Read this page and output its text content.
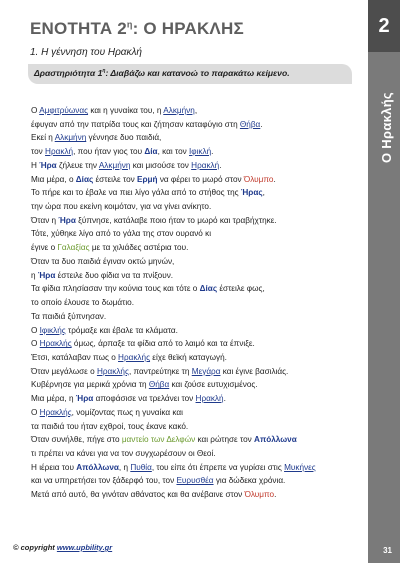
2
Ο Ηρακλής
31
ΕΝΟΤΗΤΑ $2^\eta$: Ο ΗΡΑΚΛΗΣ
1. Η γέννηση του Ηρακλή
Δραστηριότητα $1^\eta$: Διαβάζω και κατανοώ το παρακάτω κείμενο.
Ο Αμφιτρύωνας και η γυναίκα του, η Αλκμήνη,
έφυγαν από την πατρίδα τους και ζήτησαν καταφύγιο στη Θήβα.
Εκεί η Αλκμήνη γέννησε δυο παιδιά,
τον Ηρακλή, που ήταν γιος του Δία, και τον Ιφικλή.
Η Ήρα ζήλευε την Αλκμήνη και μισούσε τον Ηρακλή.
Μια μέρα, ο Δίας έστειλε τον Ερμή να φέρει το μωρό στον Όλυμπο.
Το πήρε και το έβαλε να πιει λίγο γάλα από το στήθος της Ήρας,
την ώρα που εκείνη κοιμόταν, για να γίνει ανίκητο.
Όταν η Ήρα ξύπνησε, κατάλαβε ποιο ήταν το μωρό και τραβήχτηκε.
Τότε, χύθηκε λίγο από το γάλα της στον ουρανό κι
έγινε ο Γαλαξίας με τα χιλιάδες αστέρια του.
Όταν τα δυο παιδιά έγιναν οκτώ μηνών,
η Ήρα έστειλε δυο φίδια να τα πνίξουν.
Τα φίδια πλησίασαν την κούνια τους και τότε ο Δίας έστειλε φως,
το οποίο έλουσε το δωμάτιο.
Τα παιδιά ξύπνησαν.
Ο Ιφικλής τρόμαξε και έβαλε τα κλάματα.
Ο Ηρακλής όμως, άρπαξε τα φίδια από το λαιμό και τα έπνιξε.
Έτσι, κατάλαβαν πως ο Ηρακλής είχε θεϊκή καταγωγή.
Όταν μεγάλωσε ο Ηρακλής, παντρεύτηκε τη Μεγάρα και έγινε βασιλιάς.
Κυβέρνησε για μερικά χρόνια τη Θήβα και ζούσε ευτυχισμένος.
Μια μέρα, η Ήρα αποφάσισε να τρελάνει τον Ηρακλή.
Ο Ηρακλής, νομίζοντας πως η γυναίκα και
τα παιδιά του ήταν εχθροί, τους έκανε κακό.
Όταν συνήλθε, πήγε στο μαντείο των Δελφών και ρώτησε τον Απόλλωνα
τι πρέπει να κάνει για να τον συγχωρέσουν οι Θεοί.
Η ιέρεια του Απόλλωνα, η Πυθία, του είπε ότι έπρεπε να γυρίσει στις Μυκήνες
και να υπηρετήσει τον ξάδερφό του, τον Ευρυσθέα για δώδεκα χρόνια.
Μετά από αυτό, θα γινόταν αθάνατος και θα ανέβαινε στον Όλυμπο.
© copyright www.upbility.gr
